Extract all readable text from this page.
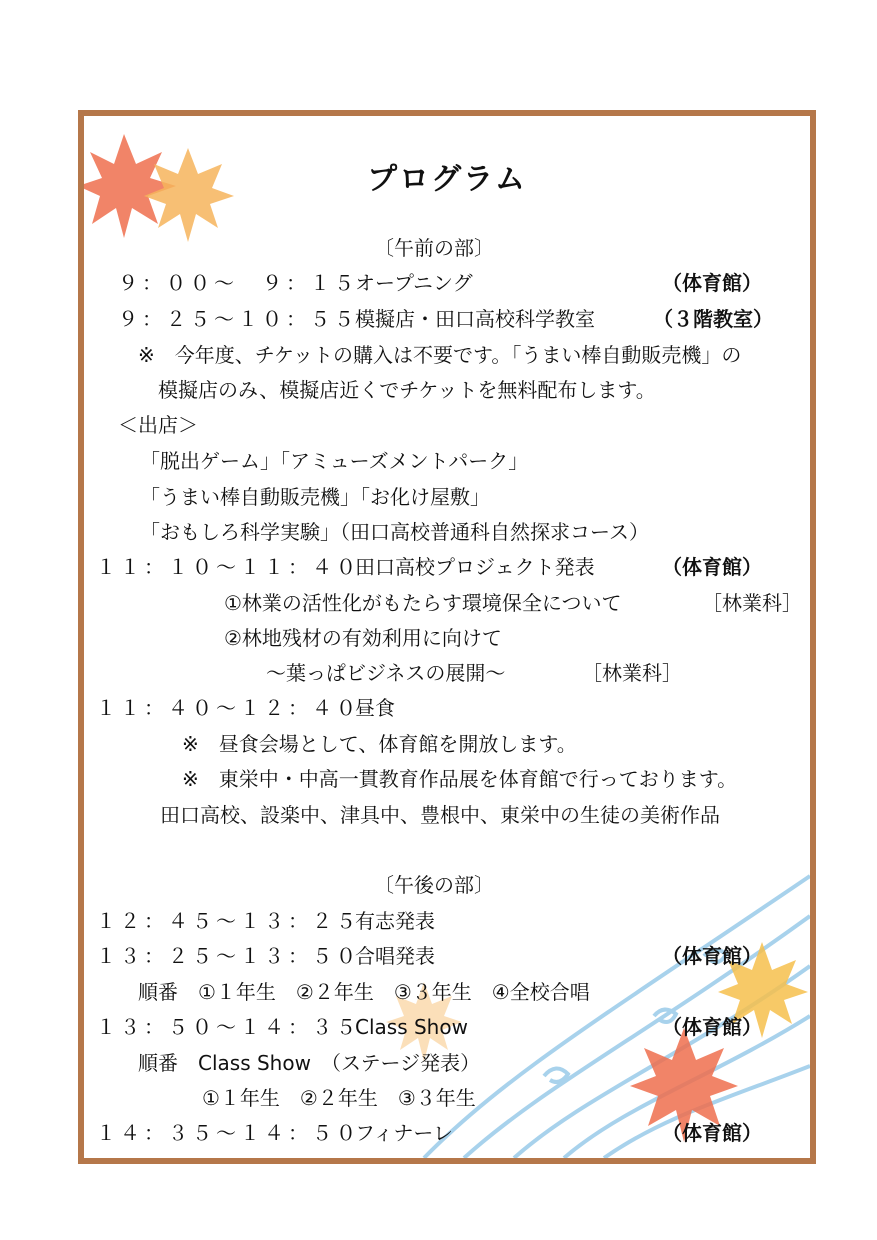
プログラム
〔午前の部〕
９：００～　９：１５
オープニング	（体育館）
９：２５～１０：５５
模擬店・田口高校科学教室	（３階教室）
※　今年度、チケットの購入は不要です。「うまい棒自動販売機」の
模擬店のみ、模擬店近くでチケットを無料配布します。
＜出店＞
「脱出ゲーム」「アミューズメントパーク」
「うまい棒自動販売機」「お化け屋敷」
「おもしろ科学実験」（田口高校普通科自然探求コース）
１１：１０～１１：４０
田口高校プロジェクト発表	（体育館）
①林業の活性化がもたらす環境保全について	［林業科］
②林地残材の有効利用に向けて
～葉っぱビジネスの展開～	［林業科］
１１：４０～１２：４０
昼食
※　昼食会場として、体育館を開放します。
※　東栄中・中高一貫教育作品展を体育館で行っております。
田口高校、設楽中、津具中、豊根中、東栄中の生徒の美術作品
〔午後の部〕
１２：４５～１３：２５
有志発表
１３：２５～１３：５０
合唱発表	（体育館）
順番　①１年生　②２年生　③３年生　④全校合唱
１３：５０～１４：３５
Class Show	（体育館）
順番　Class Show　（ステージ発表）
①１年生　②２年生　③３年生
１４：３５～１４：５０
フィナーレ	（体育館）
